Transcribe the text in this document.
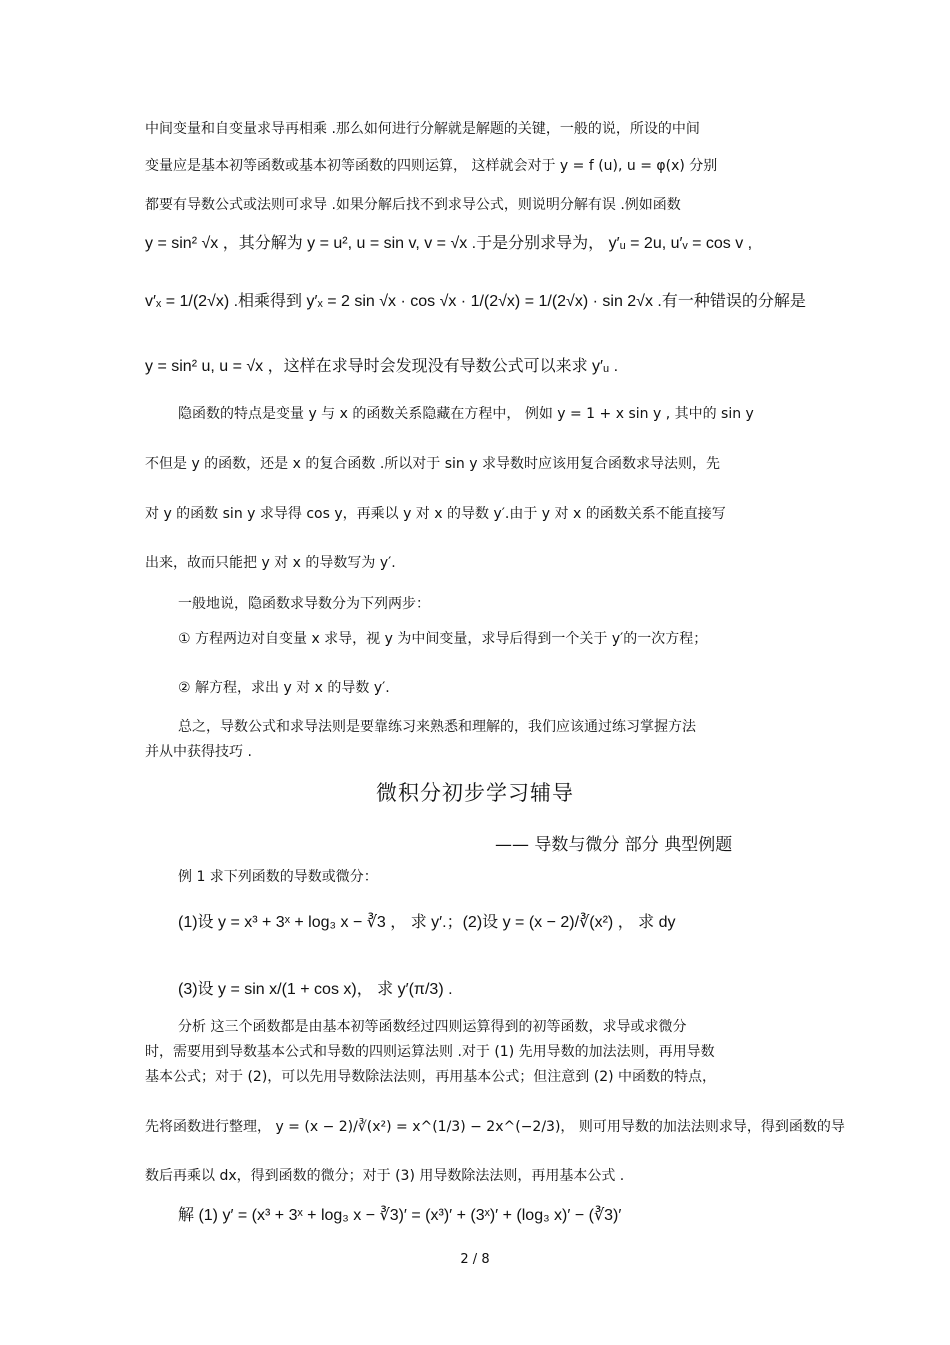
中间变量和自变量求导再相乘 .那么如何进行分解就是解题的关键，一般的说，所设的中间
变量应是基本初等函数或基本初等函数的四则运算， 这样就会对于 y = f (u), u = φ(x) 分别
都要有导数公式或法则可求导 .如果分解后找不到求导公式，则说明分解有误 .例如函数
y = sin² √x ，其分解为 y = u², u = sin v, v = √x .于是分别求导为， y′ᵤ = 2u, u′ᵥ = cos v ,
v′ₓ = 1/(2√x) .相乘得到 y′ₓ = 2 sin √x · cos √x · 1/(2√x) = 1/(2√x) · sin 2√x .有一种错误的分解是
y = sin² u, u = √x ，这样在求导时会发现没有导数公式可以来求 y′ᵤ .
隐函数的特点是变量 y 与 x 的函数关系隐藏在方程中， 例如 y = 1 + x sin y , 其中的 sin y
不但是 y 的函数，还是 x 的复合函数 .所以对于 sin y 求导数时应该用复合函数求导法则，先
对 y 的函数 sin y 求导得 cos y，再乘以 y 对 x 的导数 y′.由于 y 对 x 的函数关系不能直接写
出来，故而只能把 y 对 x 的导数写为 y′.
一般地说，隐函数求导数分为下列两步：
① 方程两边对自变量 x 求导，视 y 为中间变量，求导后得到一个关于 y′的一次方程；
② 解方程，求出 y 对 x 的导数 y′.
总之，导数公式和求导法则是要靠练习来熟悉和理解的，我们应该通过练习掌握方法
并从中获得技巧 .
微积分初步学习辅导
—— 导数与微分 部分 典型例题
例 1 求下列函数的导数或微分：
(1)设 y = x³ + 3ˣ + log₃ x − ∛3 ， 求 y′.；(2)设 y = (x − 2)/∛(x²) ， 求 dy
(3)设 y = sin x/(1 + cos x)， 求 y′(π/3) .
分析 这三个函数都是由基本初等函数经过四则运算得到的初等函数，求导或求微分
时，需要用到导数基本公式和导数的四则运算法则 .对于 (1) 先用导数的加法法则，再用导数
基本公式；对于 (2)，可以先用导数除法法则，再用基本公式；但注意到 (2) 中函数的特点，
先将函数进行整理， y = (x − 2)/∛(x²) = x^(1/3) − 2x^(−2/3)， 则可用导数的加法法则求导，得到函数的导
数后再乘以 dx，得到函数的微分；对于 (3) 用导数除法法则，再用基本公式 .
解 (1) y′ = (x³ + 3ˣ + log₃ x − ∛3)′ = (x³)′ + (3ˣ)′ + (log₃ x)′ − (∛3)′
2 / 8
